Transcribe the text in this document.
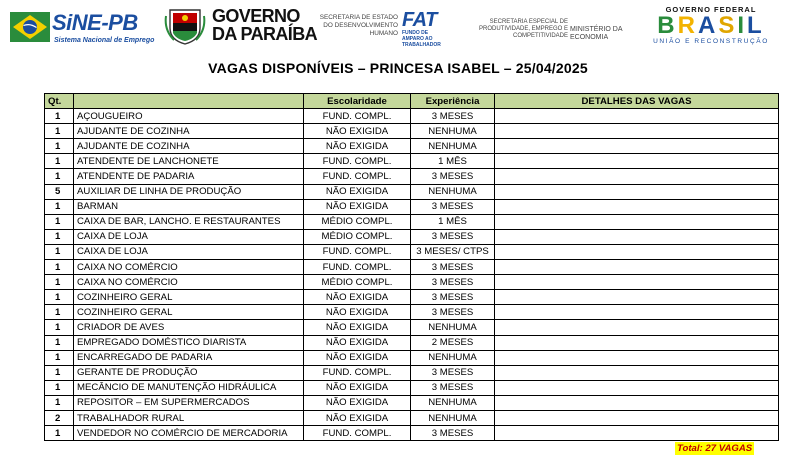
SiNE-PB
Sistema Nacional de Emprego
GOVERNO
DA PARAÍBA
SECRETARIA DE ESTADO
DO DESENVOLVIMENTO
HUMANO
FAT
FUNDO DE
AMPARO AO
TRABALHADOR
SECRETARIA ESPECIAL DE
PRODUTIVIDADE, EMPREGO E
COMPETITIVIDADE
MINISTÉRIO DA
ECONOMIA
GOVERNO FEDERAL
BRASIL
UNIÃO E RECONSTRUÇÃO
VAGAS DISPONÍVEIS – PRINCESA ISABEL – 25/04/2025
Qt.		Escolaridade	Experiência	DETALHES DAS VAGAS
1	AÇOUGUEIRO	FUND. COMPL.	3 MESES	
1	AJUDANTE DE COZINHA	NÃO EXIGIDA	NENHUMA	
1	AJUDANTE DE COZINHA	NÃO EXIGIDA	NENHUMA	
1	ATENDENTE DE LANCHONETE	FUND. COMPL.	1 MÊS	
1	ATENDENTE DE PADARIA	FUND. COMPL.	3 MESES	
5	AUXILIAR DE LINHA DE PRODUÇÃO	NÃO EXIGIDA	NENHUMA	
1	BARMAN	NÃO EXIGIDA	3 MESES	
1	CAIXA DE BAR, LANCHO. E RESTAURANTES	MÉDIO COMPL.	1 MÊS	
1	CAIXA DE LOJA	MÉDIO COMPL.	3 MESES	
1	CAIXA DE LOJA	FUND. COMPL.	3 MESES/ CTPS	
1	CAIXA NO COMÉRCIO	FUND. COMPL.	3 MESES	
1	CAIXA NO COMÉRCIO	MÉDIO COMPL.	3 MESES	
1	COZINHEIRO GERAL	NÃO EXIGIDA	3 MESES	
1	COZINHEIRO GERAL	NÃO EXIGIDA	3 MESES	
1	CRIADOR DE AVES	NÃO EXIGIDA	NENHUMA	
1	EMPREGADO DOMÉSTICO DIARISTA	NÃO EXIGIDA	2 MESES	
1	ENCARREGADO DE PADARIA	NÃO EXIGIDA	NENHUMA	
1	GERANTE DE PRODUÇÃO	FUND. COMPL.	3 MESES	
1	MECÂNCIO DE MANUTENÇÃO HIDRÁULICA	NÃO EXIGIDA	3 MESES	
1	REPOSITOR – EM SUPERMERCADOS	NÃO EXIGIDA	NENHUMA	
2	TRABALHADOR RURAL	NÃO EXIGIDA	NENHUMA	
1	VENDEDOR NO COMÉRCIO DE MERCADORIA	FUND. COMPL.	3 MESES	
Total: 27 VAGAS
